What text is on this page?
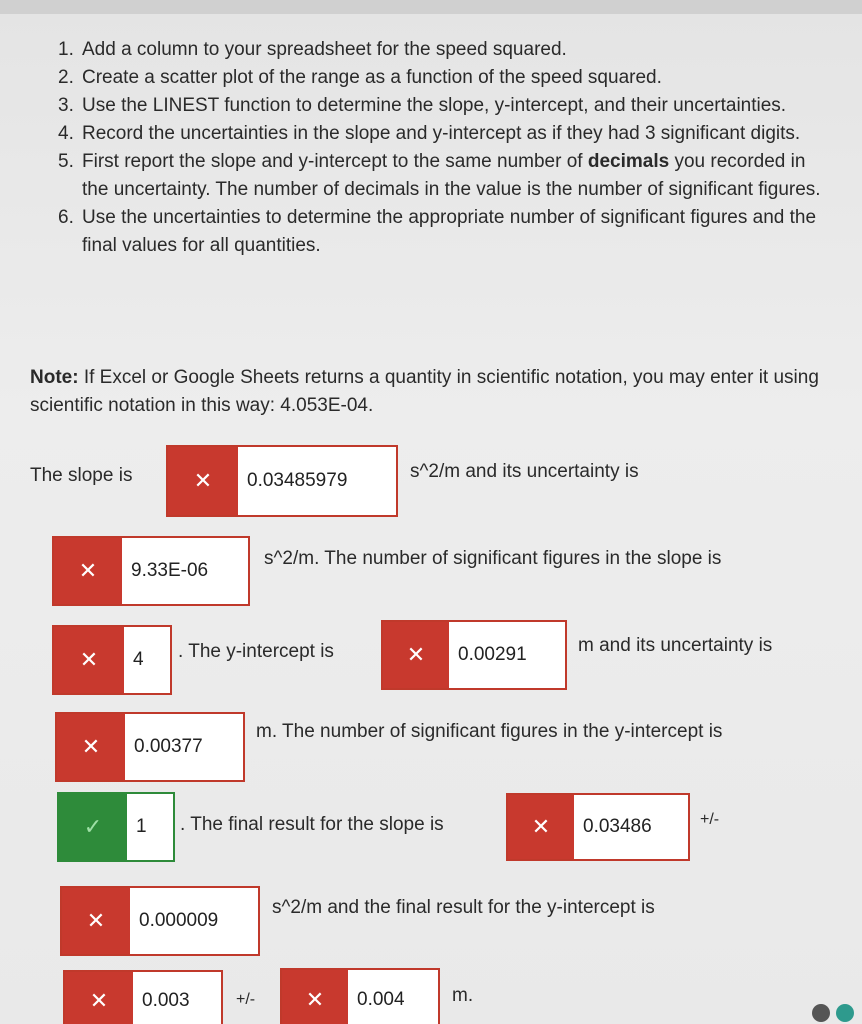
1. Add a column to your spreadsheet for the speed squared.
2. Create a scatter plot of the range as a function of the speed squared.
3. Use the LINEST function to determine the slope, y-intercept, and their uncertainties.
4. Record the uncertainties in the slope and y-intercept as if they had 3 significant digits.
5. First report the slope and y-intercept to the same number of decimals you recorded in the uncertainty. The number of decimals in the value is the number of significant figures.
6. Use the uncertainties to determine the appropriate number of significant figures and the final values for all quantities.
Note: If Excel or Google Sheets returns a quantity in scientific notation, you may enter it using scientific notation in this way: 4.053E-04.
The slope is	✕	0.03485979	s^2/m and its uncertainty is
✕	9.33E-06
s^2/m. The number of significant figures in the slope is
✕	4	. The y-intercept is	✕	0.00291	m and its uncertainty is
✕	0.00377
m. The number of significant figures in the y-intercept is
✓	1	. The final result for the slope is	✕	0.03486	+/-
✕	0.000009
s^2/m and the final result for the y-intercept is
✕	0.003	+/-	✕	0.004	m.
